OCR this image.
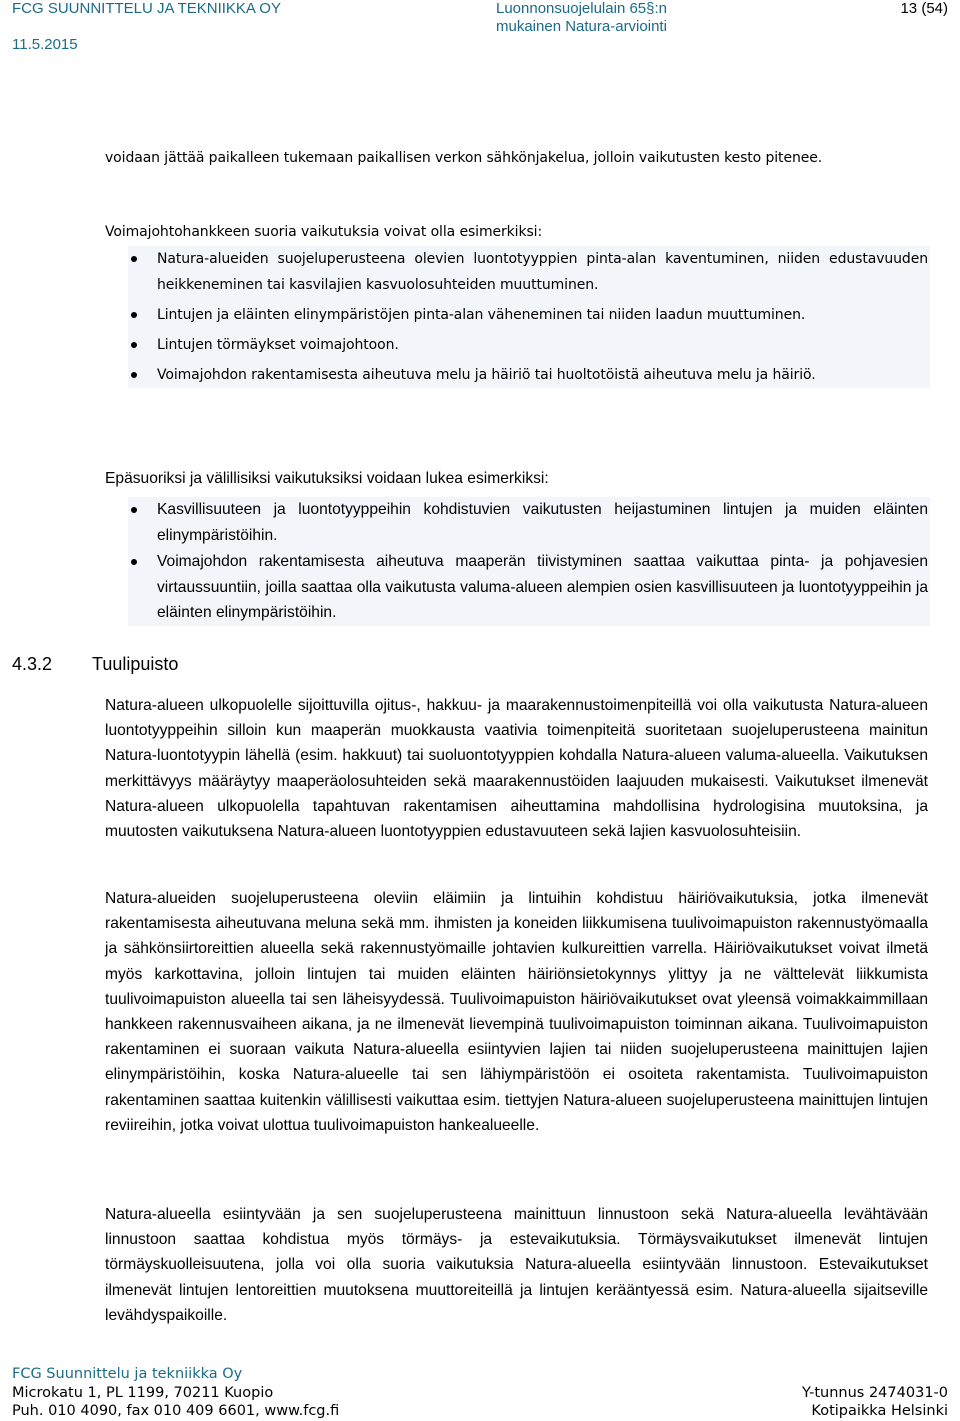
FCG SUUNNITTELU JA TEKNIIKKA OY
11.5.2015
Luonnonsuojelulain 65§:n
mukainen Natura-arviointi
13 (54)

voidaan jättää paikalleen tukemaan paikallisen verkon sähkönjakelua, jolloin vaikutusten kesto pitenee.

Voimajohtohankkeen suoria vaikutuksia voivat olla esimerkiksi:
Natura-alueiden suojeluperusteena olevien luontotyyppien pinta-alan kaventuminen, niiden edustavuuden heikkeneminen tai kasvilajien kasvuolosuhteiden muuttuminen.
Lintujen ja eläinten elinympäristöjen pinta-alan väheneminen tai niiden laadun muuttuminen.
Lintujen törmäykset voimajohtoon.
Voimajohdon rakentamisesta aiheutuva melu ja häiriö tai huoltotöistä aiheutuva melu ja häiriö.
Epäsuoriksi ja välillisiksi vaikutuksiksi voidaan lukea esimerkiksi:
Kasvillisuuteen ja luontotyyppeihin kohdistuvien vaikutusten heijastuminen lintujen ja muiden eläinten elinympäristöihin.
Voimajohdon rakentamisesta aiheutuva maaperän tiivistyminen saattaa vaikuttaa pinta- ja pohjavesien virtaussuuntiin, joilla saattaa olla vaikutusta valuma-alueen alempien osien kasvillisuuteen ja luontotyyppeihin ja eläinten elinympäristöihin.
4.3.2 Tuulipuisto

Natura-alueen ulkopuolelle sijoittuvilla ojitus-, hakkuu- ja maarakennustoimenpiteillä voi olla vaikutusta Natura-alueen luontotyyppeihin silloin kun maaperän muokkausta vaativia toimenpiteitä suoritetaan suojeluperusteena mainitun Natura-luontotyypin lähellä (esim. hakkuut) tai suoluontotyyppien kohdalla Natura-alueen valuma-alueella. Vaikutuksen merkittävyys määräytyy maaperäolosuhteiden sekä maarakennustöiden laajuuden mukaisesti. Vaikutukset ilmenevät Natura-alueen ulkopuolella tapahtuvan rakentamisen aiheuttamina mahdollisina hydrologisina muutoksina, ja muutosten vaikutuksena Natura-alueen luontotyyppien edustavuuteen sekä lajien kasvuolosuhteisiin.

Natura-alueiden suojeluperusteena oleviin eläimiin ja lintuihin kohdistuu häiriövaikutuksia, jotka ilmenevät rakentamisesta aiheutuvana meluna sekä mm. ihmisten ja koneiden liikkumisena tuulivoimapuiston rakennustyömaalla ja sähkönsiirtoreittien alueella sekä rakennustyömaille johtavien kulkureittien varrella. Häiriövaikutukset voivat ilmetä myös karkottavina, jolloin lintujen tai muiden eläinten häiriönsietokynnys ylittyy ja ne välttelevät liikkumista tuulivoimapuiston alueella tai sen läheisyydessä. Tuulivoimapuiston häiriövaikutukset ovat yleensä voimakkaimmillaan hankkeen rakennusvaiheen aikana, ja ne ilmenevät lievempinä tuulivoimapuiston toiminnan aikana. Tuulivoimapuiston rakentaminen ei suoraan vaikuta Natura-alueella esiintyvien lajien tai niiden suojeluperusteena mainittujen lajien elinympäristöihin, koska Natura-alueelle tai sen lähiympäristöön ei osoiteta rakentamista. Tuulivoimapuiston rakentaminen saattaa kuitenkin välillisesti vaikuttaa esim. tiettyjen Natura-alueen suojeluperusteena mainittujen lintujen reviireihin, jotka voivat ulottua tuulivoimapuiston hankealueelle.

Natura-alueella esiintyvään ja sen suojeluperusteena mainittuun linnustoon sekä Natura-alueella levähtävään linnustoon saattaa kohdistua myös törmäys- ja estevaikutuksia. Törmäysvaikutukset ilmenevät lintujen törmäyskuolleisuutena, jolla voi olla suoria vaikutuksia Natura-alueella esiintyvään linnustoon. Estevaikutukset ilmenevät lintujen lentoreittien muutoksena muuttoreiteillä ja lintujen kerääntyessä esim. Natura-alueella sijaitseville levähdyspaikoille.

FCG Suunnittelu ja tekniikka Oy
Microkatu 1, PL 1199, 70211 Kuopio	Y-tunnus 2474031-0
Puh. 010 4090, fax 010 409 6601, www.fcg.fi	Kotipaikka Helsinki
